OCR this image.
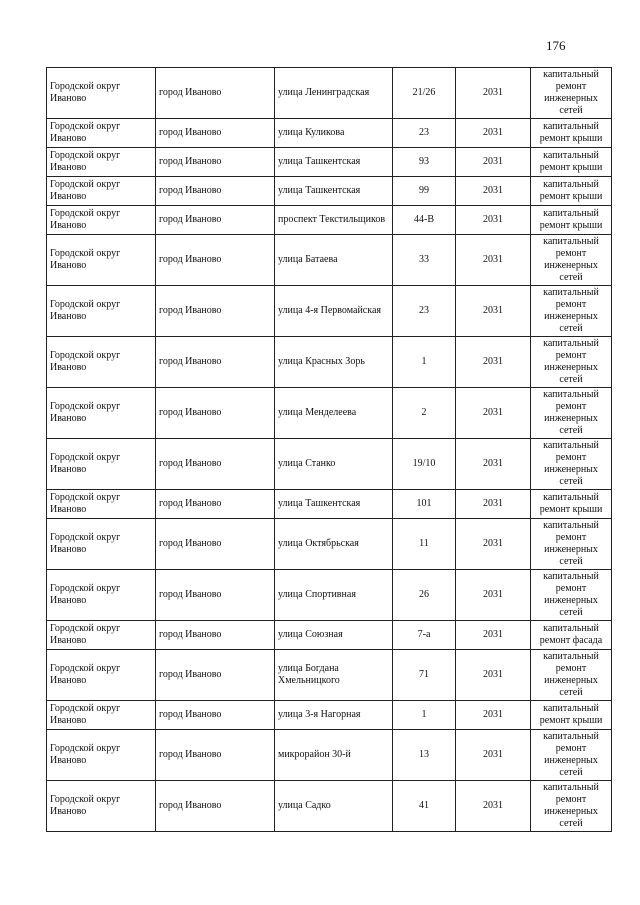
176
Городской округ Иваново	город Иваново	улица Ленинградская	21/26	2031	капитальный ремонт инженерных сетей
Городской округ Иваново	город Иваново	улица Куликова	23	2031	капитальный ремонт крыши
Городской округ Иваново	город Иваново	улица Ташкентская	93	2031	капитальный ремонт крыши
Городской округ Иваново	город Иваново	улица Ташкентская	99	2031	капитальный ремонт крыши
Городской округ Иваново	город Иваново	проспект Текстильщиков	44-В	2031	капитальный ремонт крыши
Городской округ Иваново	город Иваново	улица Батаева	33	2031	капитальный ремонт инженерных сетей
Городской округ Иваново	город Иваново	улица 4-я Первомайская	23	2031	капитальный ремонт инженерных сетей
Городской округ Иваново	город Иваново	улица Красных Зорь	1	2031	капитальный ремонт инженерных сетей
Городской округ Иваново	город Иваново	улица Менделеева	2	2031	капитальный ремонт инженерных сетей
Городской округ Иваново	город Иваново	улица Станко	19/10	2031	капитальный ремонт инженерных сетей
Городской округ Иваново	город Иваново	улица Ташкентская	101	2031	капитальный ремонт крыши
Городской округ Иваново	город Иваново	улица Октябрьская	11	2031	капитальный ремонт инженерных сетей
Городской округ Иваново	город Иваново	улица Спортивная	26	2031	капитальный ремонт инженерных сетей
Городской округ Иваново	город Иваново	улица Союзная	7-а	2031	капитальный ремонт фасада
Городской округ Иваново	город Иваново	улица Богдана Хмельницкого	71	2031	капитальный ремонт инженерных сетей
Городской округ Иваново	город Иваново	улица 3-я Нагорная	1	2031	капитальный ремонт крыши
Городской округ Иваново	город Иваново	микрорайон 30-й	13	2031	капитальный ремонт инженерных сетей
Городской округ Иваново	город Иваново	улица Садко	41	2031	капитальный ремонт инженерных сетей
